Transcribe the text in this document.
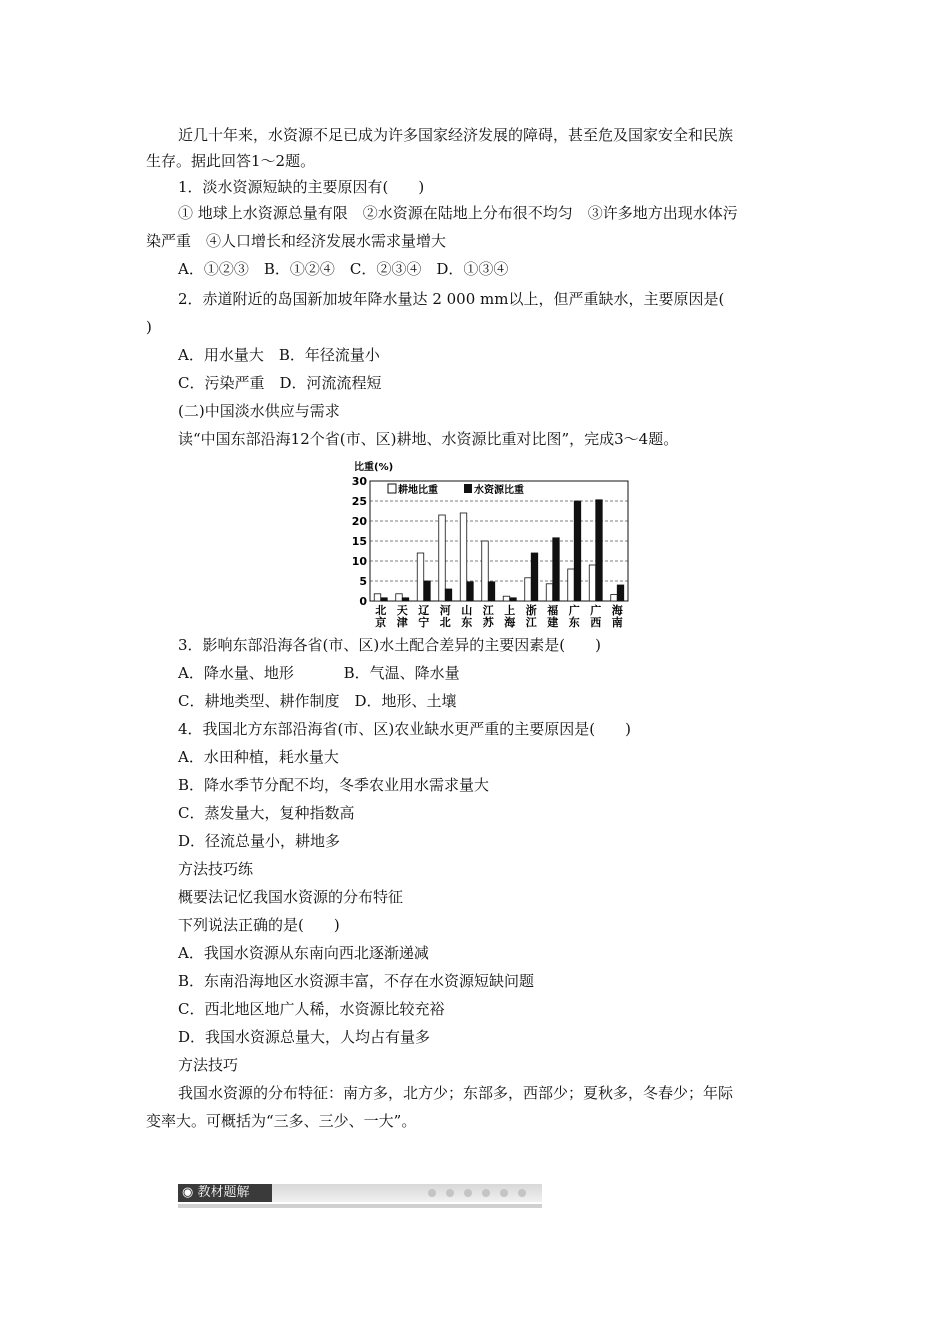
近几十年来，水资源不足已成为许多国家经济发展的障碍，甚至危及国家安全和民族
生存。据此回答1～2题。
1．淡水资源短缺的主要原因有(　　)
① 地球上水资源总量有限　②水资源在陆地上分布很不均匀　③许多地方出现水体污
染严重　④人口增长和经济发展水需求量增大
A．①②③　B．①②④　C．②③④　D．①③④
2．赤道附近的岛国新加坡年降水量达 2 000 mm以上，但严重缺水，主要原因是(
)
A．用水量大　B．年径流量小
C．污染严重　D．河流流程短
(二)中国淡水供应与需求
读“中国东部沿海12个省(市、区)耕地、水资源比重对比图”，完成3～4题。
比重(%)
耕地比重	水资源比重
0
5
10
15
20
25
30
北
京
天
津
辽
宁
河
北
山
东
江
苏
上
海
浙
江
福
建
广
东
广
西
海
南
3．影响东部沿海各省(市、区)水土配合差异的主要因素是(　　)
A．降水量、地形　　　 B．气温、降水量
C．耕地类型、耕作制度　D．地形、土壤
4．我国北方东部沿海省(市、区)农业缺水更严重的主要原因是(　　)
A．水田种植，耗水量大
B．降水季节分配不均，冬季农业用水需求量大
C．蒸发量大，复种指数高
D．径流总量小，耕地多
方法技巧练
概要法记忆我国水资源的分布特征
下列说法正确的是(　　)
A．我国水资源从东南向西北逐渐递减
B．东南沿海地区水资源丰富，不存在水资源短缺问题
C．西北地区地广人稀，水资源比较充裕
D．我国水资源总量大，人均占有量多
方法技巧
我国水资源的分布特征：南方多，北方少；东部多，西部少；夏秋多，冬春少；年际
变率大。可概括为“三多、三少、一大”。
◉ 教材题解
